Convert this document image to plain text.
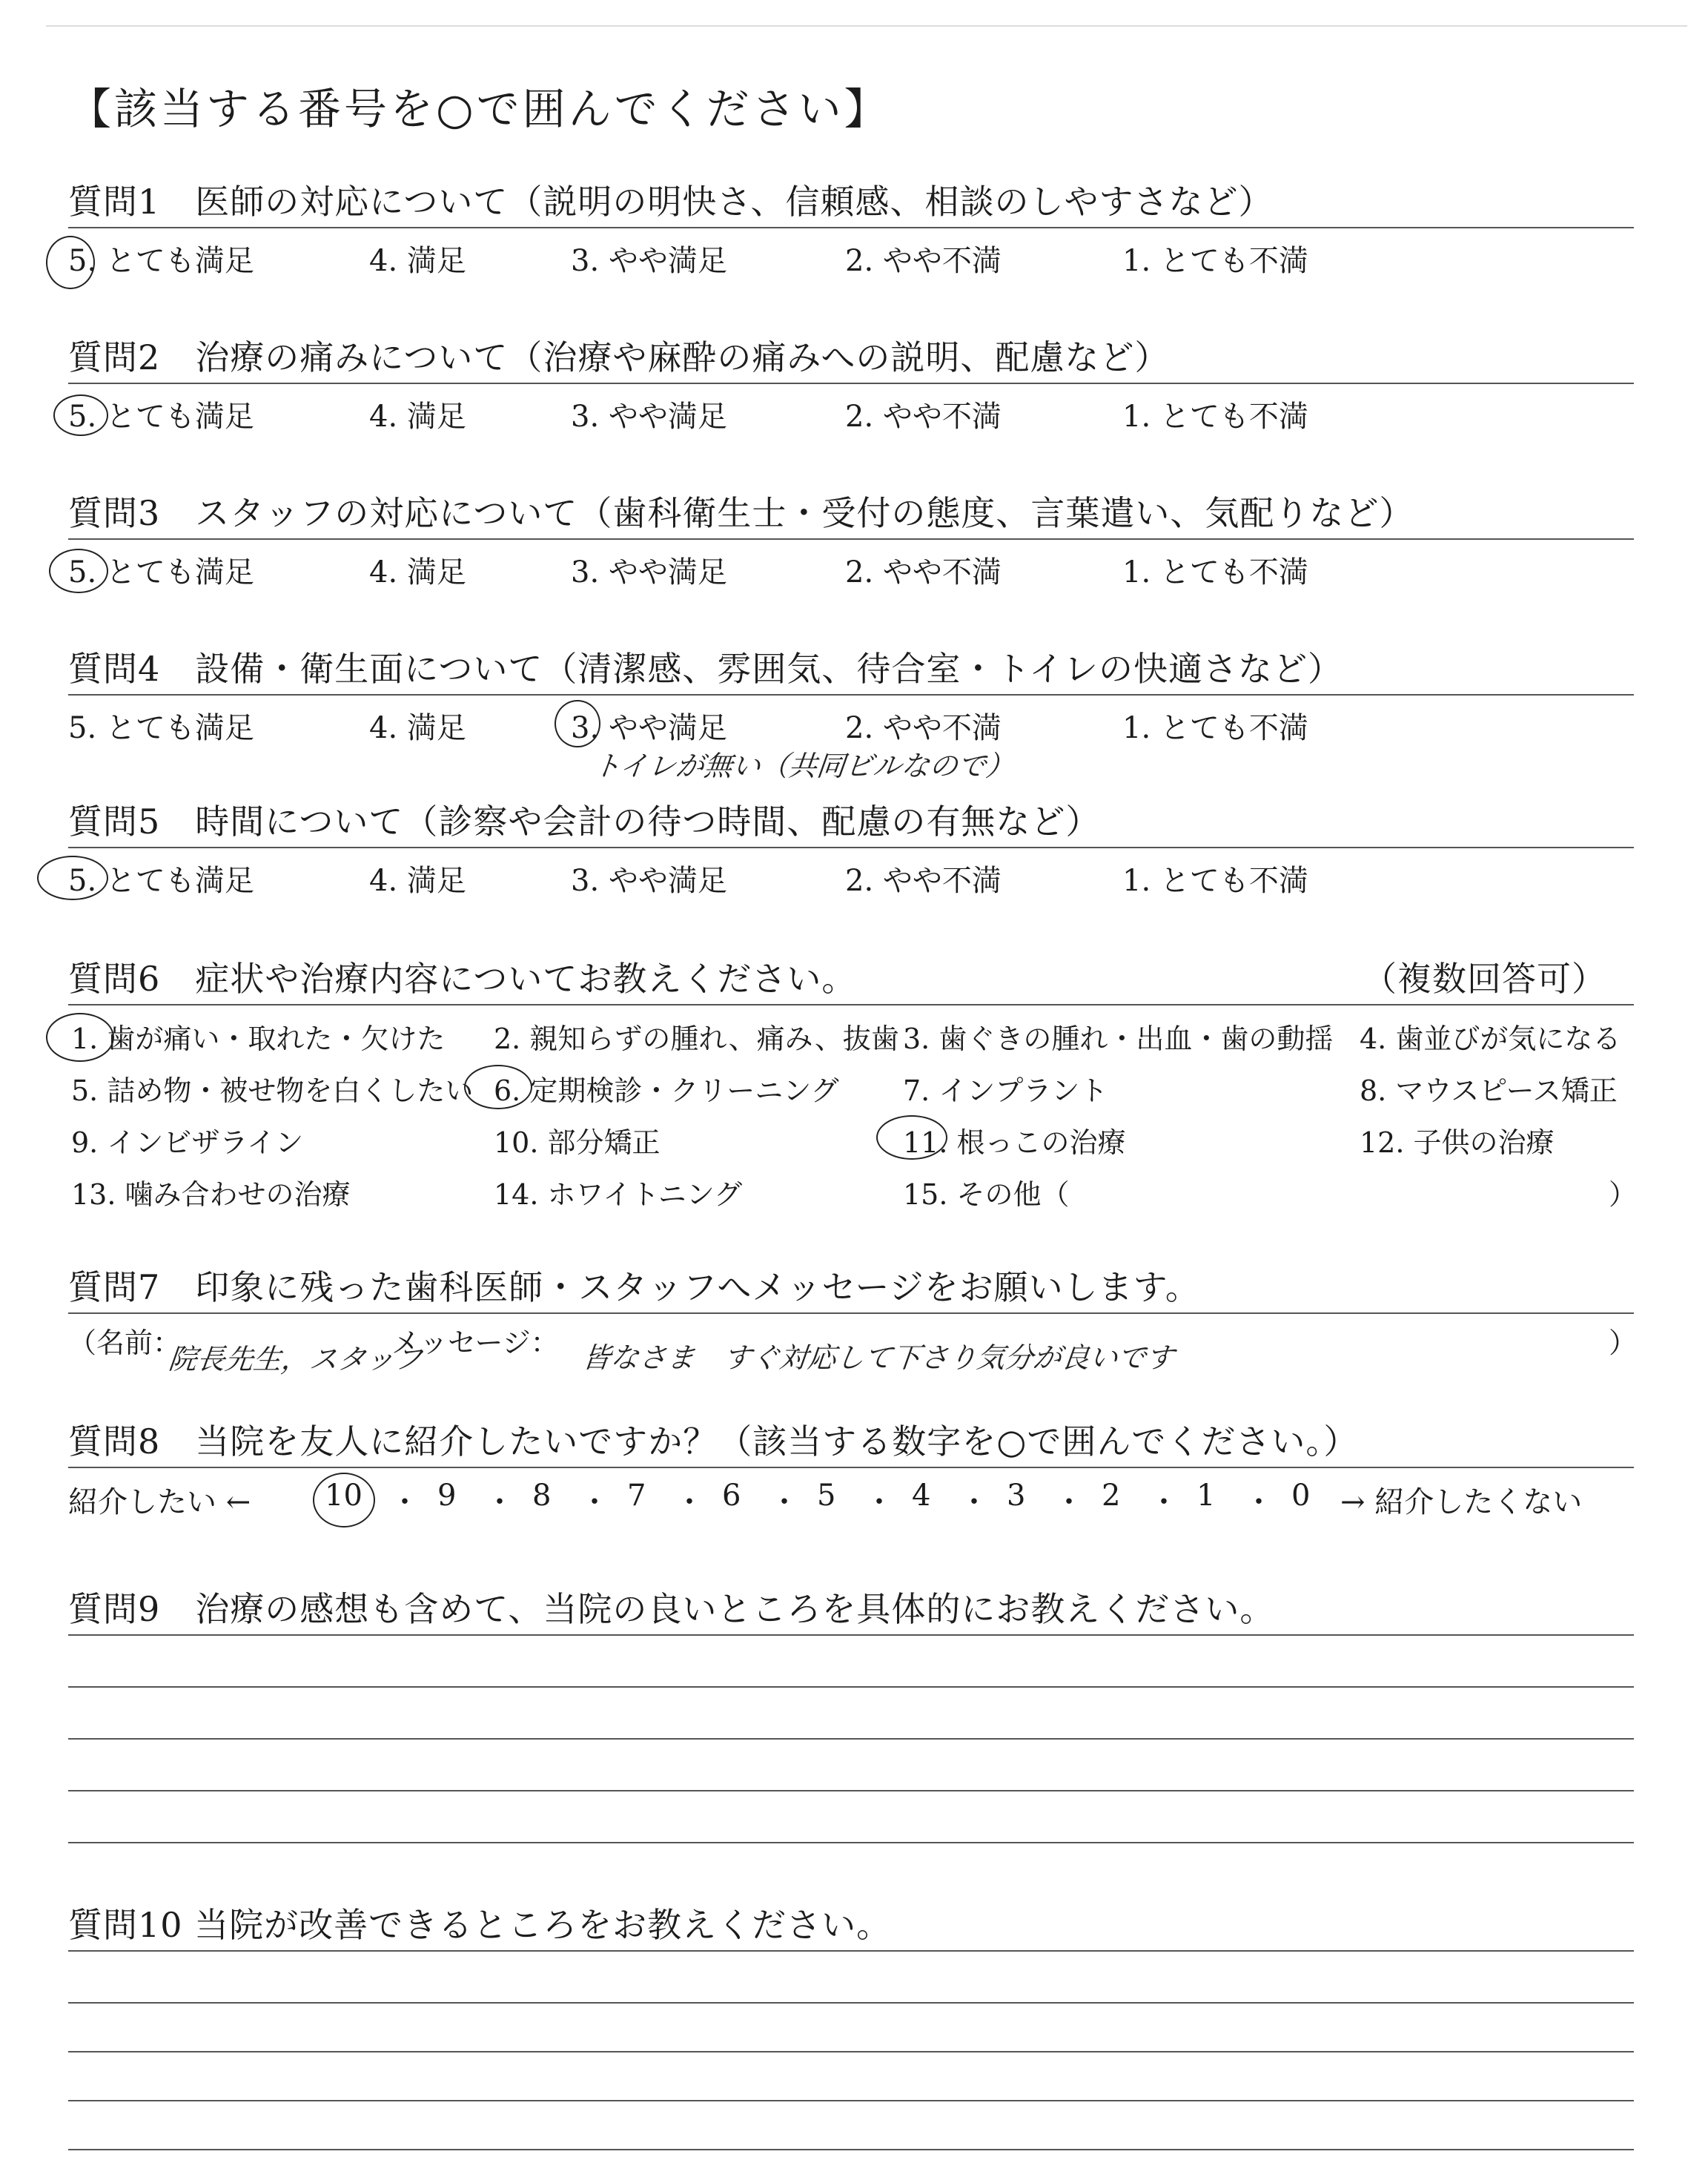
【該当する番号を○で囲んでください】
質問1　医師の対応について（説明の明快さ、信頼感、相談のしやすさなど）
5. とても満足	4. 満足	3. やや満足	2. やや不満	1. とても不満
質問2　治療の痛みについて（治療や麻酔の痛みへの説明、配慮など）
5. とても満足	4. 満足	3. やや満足	2. やや不満	1. とても不満
質問3　スタッフの対応について（歯科衛生士・受付の態度、言葉遣い、気配りなど）
5. とても満足	4. 満足	3. やや満足	2. やや不満	1. とても不満
質問4　設備・衛生面について（清潔感、雰囲気、待合室・トイレの快適さなど）
5. とても満足	4. 満足	3. やや満足	2. やや不満	1. とても不満
トイレが無い（共同ビルなので）
質問5　時間について（診察や会計の待つ時間、配慮の有無など）
5. とても満足	4. 満足	3. やや満足	2. やや不満	1. とても不満
質問6　症状や治療内容についてお教えください。	（複数回答可）
1. 歯が痛い・取れた・欠けた 2. 親知らずの腫れ、痛み、抜歯 3. 歯ぐきの腫れ・出血・歯の動揺 4. 歯並びが気になる
5. 詰め物・被せ物を白くしたい 6. 定期検診・クリーニング 7. インプラント	8. マウスピース矯正
9. インビザライン	10. 部分矯正	11. 根っこの治療	12. 子供の治療
13. 噛み合わせの治療	14. ホワイトニング	15. その他（	）
質問7　印象に残った歯科医師・スタッフへメッセージをお願いします。
（名前：
院長先生，スタッフ
メッセージ： 皆なさま　すぐ対応して下さり気分が良いです	）
質問8　当院を友人に紹介したいですか？（該当する数字を○で囲んでください。）
紹介したい ←	→ 紹介したくない
10 ・ 9 ・ 8 ・ 7 ・ 6 ・ 5 ・ 4 ・ 3 ・ 2 ・ 1 ・ 0
質問9　治療の感想も含めて、当院の良いところを具体的にお教えください。
質問10 当院が改善できるところをお教えください。
